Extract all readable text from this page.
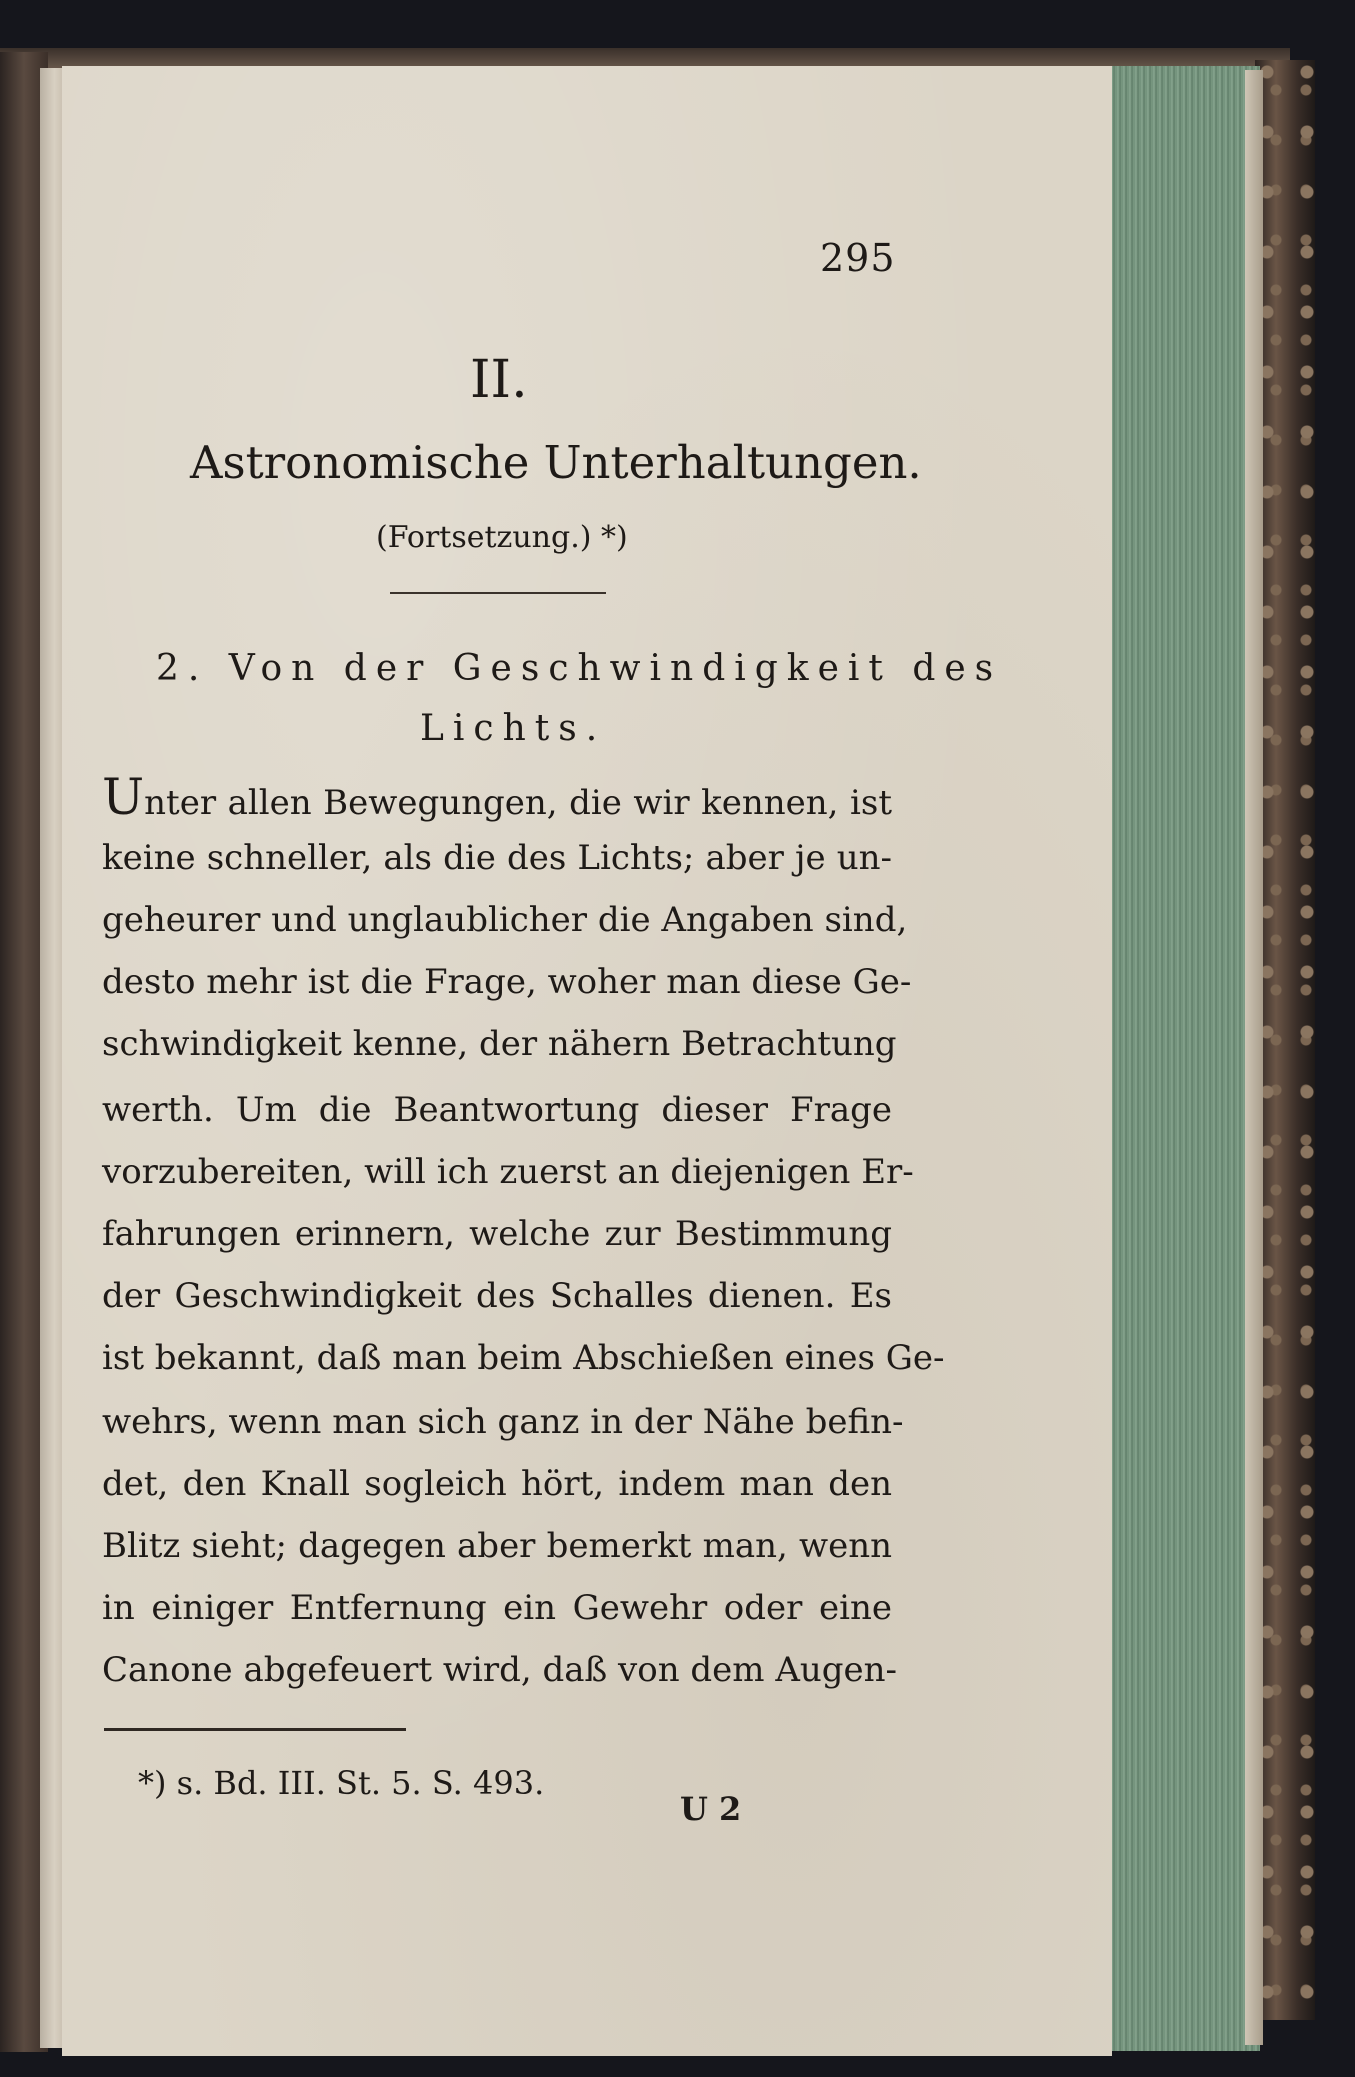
295
II.
Astronomische Unterhaltungen.
(Fortsetzung.) *)
2. Von der Geschwindigkeit des
Lichts.
Unter allen Bewegungen, die wir kennen, ist
keine schneller, als die des Lichts; aber je un-
geheurer und unglaublicher die Angaben sind,
desto mehr ist die Frage, woher man diese Ge-
schwindigkeit kenne, der nähern Betrachtung
werth. Um die Beantwortung dieser Frage
vorzubereiten, will ich zuerst an diejenigen Er-
fahrungen erinnern, welche zur Bestimmung
der Geschwindigkeit des Schalles dienen. Es
ist bekannt, daß man beim Abschießen eines Ge-
wehrs, wenn man sich ganz in der Nähe befin-
det, den Knall sogleich hört, indem man den
Blitz sieht; dagegen aber bemerkt man, wenn
in einiger Entfernung ein Gewehr oder eine
Canone abgefeuert wird, daß von dem Augen-
*) s. Bd. III. St. 5. S. 493.
U 2
